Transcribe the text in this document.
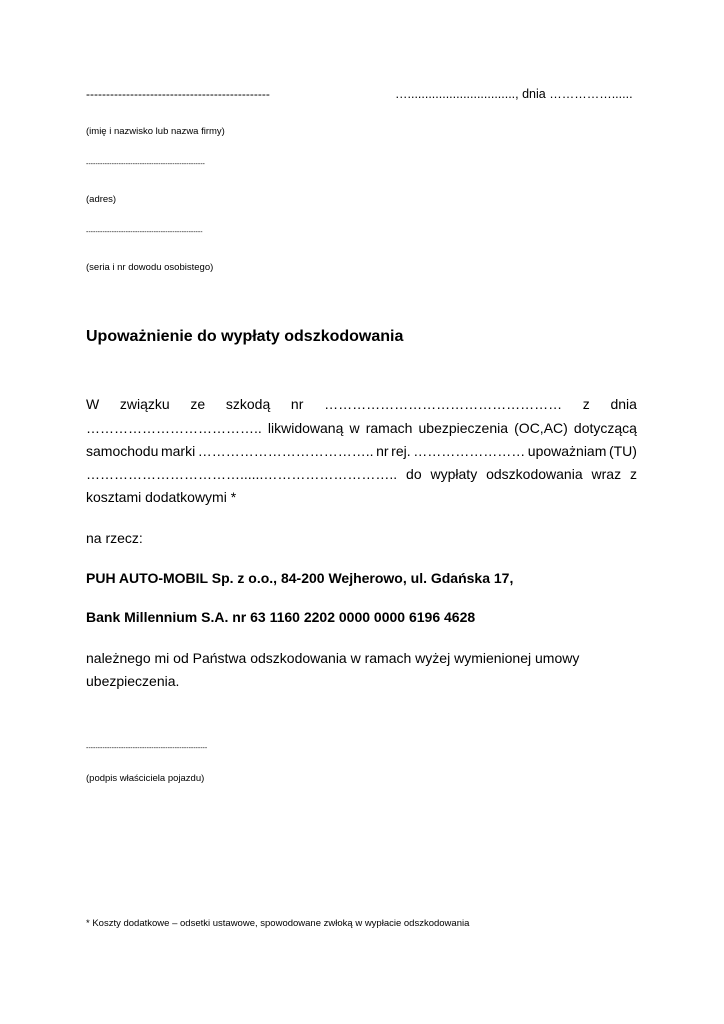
----------------------------------------------	…..............................., dnia ……………......
(imię i nazwisko lub nazwa firmy)
---------------------------------------------------
(adres)
--------------------------------------------------
(seria i nr dowodu osobistego)
Upoważnienie do wypłaty odszkodowania
W związku ze szkodą nr …………………………………………… z dnia
……………………………….. likwidowaną w ramach ubezpieczenia (OC,AC) dotyczącą
samochodu marki ……………………………….. nr rej. …………………… upoważniam (TU)
……………………………......……………………….. do wypłaty odszkodowania wraz z
kosztami dodatkowymi *
na rzecz:
PUH AUTO-MOBIL Sp. z o.o., 84-200 Wejherowo, ul. Gdańska 17,
Bank Millennium S.A. nr 63 1160 2202 0000 0000 6196 4628
należnego mi od Państwa odszkodowania w ramach wyżej wymienionej umowy
ubezpieczenia.
----------------------------------------------------
(podpis właściciela pojazdu)
* Koszty dodatkowe – odsetki ustawowe, spowodowane zwłoką w wypłacie odszkodowania
